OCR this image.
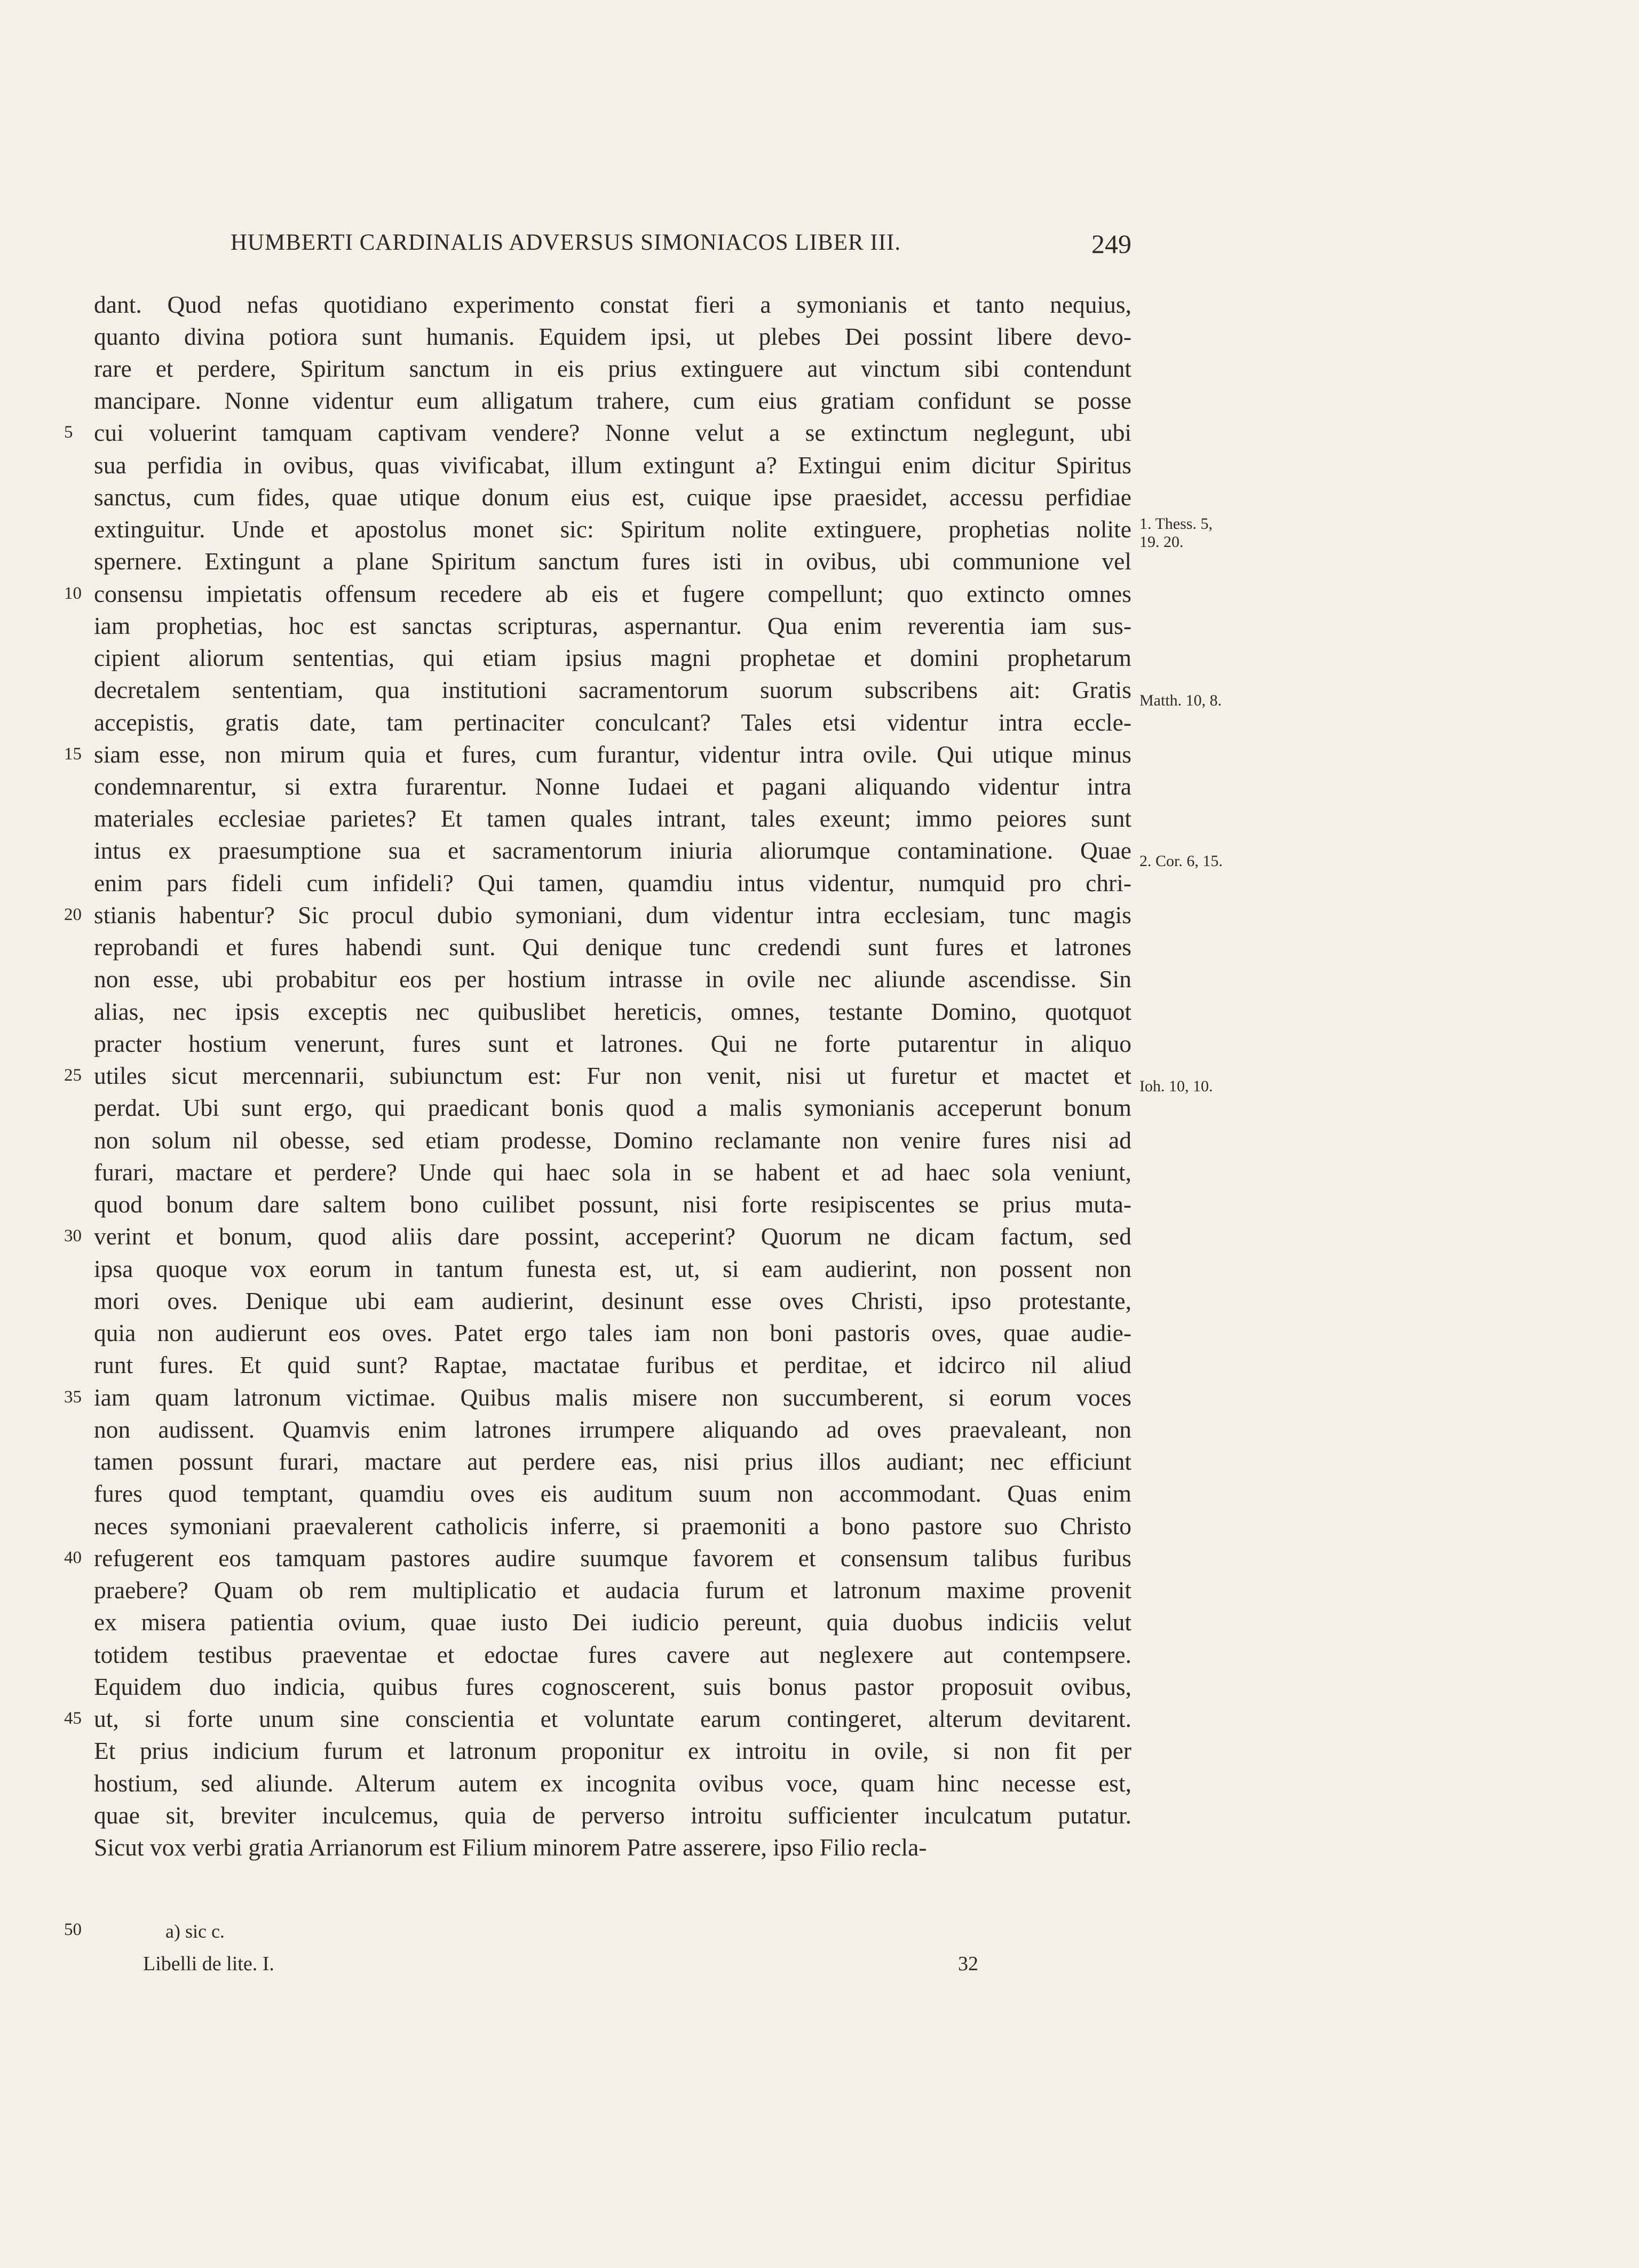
HUMBERTI CARDINALIS ADVERSUS SIMONIACOS LIBER III.	249
dant. Quod nefas quotidiano experimento constat fieri a symonianis et tanto nequius,
quanto divina potiora sunt humanis. Equidem ipsi, ut plebes Dei possint libere devo-
rare et perdere, Spiritum sanctum in eis prius extinguere aut vinctum sibi contendunt
mancipare. Nonne videntur eum alligatum trahere, cum eius gratiam confidunt se posse
cui voluerint tamquam captivam vendere? Nonne velut a se extinctum neglegunt, ubi
sua perfidia in ovibus, quas vivificabat, illum extingunt a? Extingui enim dicitur Spiritus
sanctus, cum fides, quae utique donum eius est, cuique ipse praesidet, accessu perfidiae
extinguitur. Unde et apostolus monet sic: Spiritum nolite extinguere, prophetias nolite
spernere. Extingunt a plane Spiritum sanctum fures isti in ovibus, ubi communione vel
consensu impietatis offensum recedere ab eis et fugere compellunt; quo extincto omnes
iam prophetias, hoc est sanctas scripturas, aspernantur. Qua enim reverentia iam sus-
cipient aliorum sententias, qui etiam ipsius magni prophetae et domini prophetarum
decretalem sententiam, qua institutioni sacramentorum suorum subscribens ait: Gratis
accepistis, gratis date, tam pertinaciter conculcant? Tales etsi videntur intra eccle-
siam esse, non mirum quia et fures, cum furantur, videntur intra ovile. Qui utique minus
condemnarentur, si extra furarentur. Nonne Iudaei et pagani aliquando videntur intra
materiales ecclesiae parietes? Et tamen quales intrant, tales exeunt; immo peiores sunt
intus ex praesumptione sua et sacramentorum iniuria aliorumque contaminatione. Quae
enim pars fideli cum infideli? Qui tamen, quamdiu intus videntur, numquid pro chri-
stianis habentur? Sic procul dubio symoniani, dum videntur intra ecclesiam, tunc magis
reprobandi et fures habendi sunt. Qui denique tunc credendi sunt fures et latrones
non esse, ubi probabitur eos per hostium intrasse in ovile nec aliunde ascendisse. Sin
alias, nec ipsis exceptis nec quibuslibet hereticis, omnes, testante Domino, quotquot
practer hostium venerunt, fures sunt et latrones. Qui ne forte putarentur in aliquo
utiles sicut mercennarii, subiunctum est: Fur non venit, nisi ut furetur et mactet et
perdat. Ubi sunt ergo, qui praedicant bonis quod a malis symonianis acceperunt bonum
non solum nil obesse, sed etiam prodesse, Domino reclamante non venire fures nisi ad
furari, mactare et perdere? Unde qui haec sola in se habent et ad haec sola veniunt,
quod bonum dare saltem bono cuilibet possunt, nisi forte resipiscentes se prius muta-
verint et bonum, quod aliis dare possint, acceperint? Quorum ne dicam factum, sed
ipsa quoque vox eorum in tantum funesta est, ut, si eam audierint, non possent non
mori oves. Denique ubi eam audierint, desinunt esse oves Christi, ipso protestante,
quia non audierunt eos oves. Patet ergo tales iam non boni pastoris oves, quae audie-
runt fures. Et quid sunt? Raptae, mactatae furibus et perditae, et idcirco nil aliud
iam quam latronum victimae. Quibus malis misere non succumberent, si eorum voces
non audissent. Quamvis enim latrones irrumpere aliquando ad oves praevaleant, non
tamen possunt furari, mactare aut perdere eas, nisi prius illos audiant; nec efficiunt
fures quod temptant, quamdiu oves eis auditum suum non accommodant. Quas enim
neces symoniani praevalerent catholicis inferre, si praemoniti a bono pastore suo Christo
refugerent eos tamquam pastores audire suumque favorem et consensum talibus furibus
praebere? Quam ob rem multiplicatio et audacia furum et latronum maxime provenit
ex misera patientia ovium, quae iusto Dei iudicio pereunt, quia duobus indiciis velut
totidem testibus praeventae et edoctae fures cavere aut neglexere aut contempsere.
Equidem duo indicia, quibus fures cognoscerent, suis bonus pastor proposuit ovibus,
ut, si forte unum sine conscientia et voluntate earum contingeret, alterum devitarent.
Et prius indicium furum et latronum proponitur ex introitu in ovile, si non fit per
hostium, sed aliunde. Alterum autem ex incognita ovibus voce, quam hinc necesse est,
quae sit, breviter inculcemus, quia de perverso introitu sufficienter inculcatum putatur.
Sicut vox verbi gratia Arrianorum est Filium minorem Patre asserere, ipso Filio recla-
5
10
15
20
25
30
35
40
45
1. Thess. 5, 19. 20.
Matth. 10, 8.
2. Cor. 6, 15.
Ioh. 10, 10.
50	a) sic c.
Libelli de lite. I.	32
